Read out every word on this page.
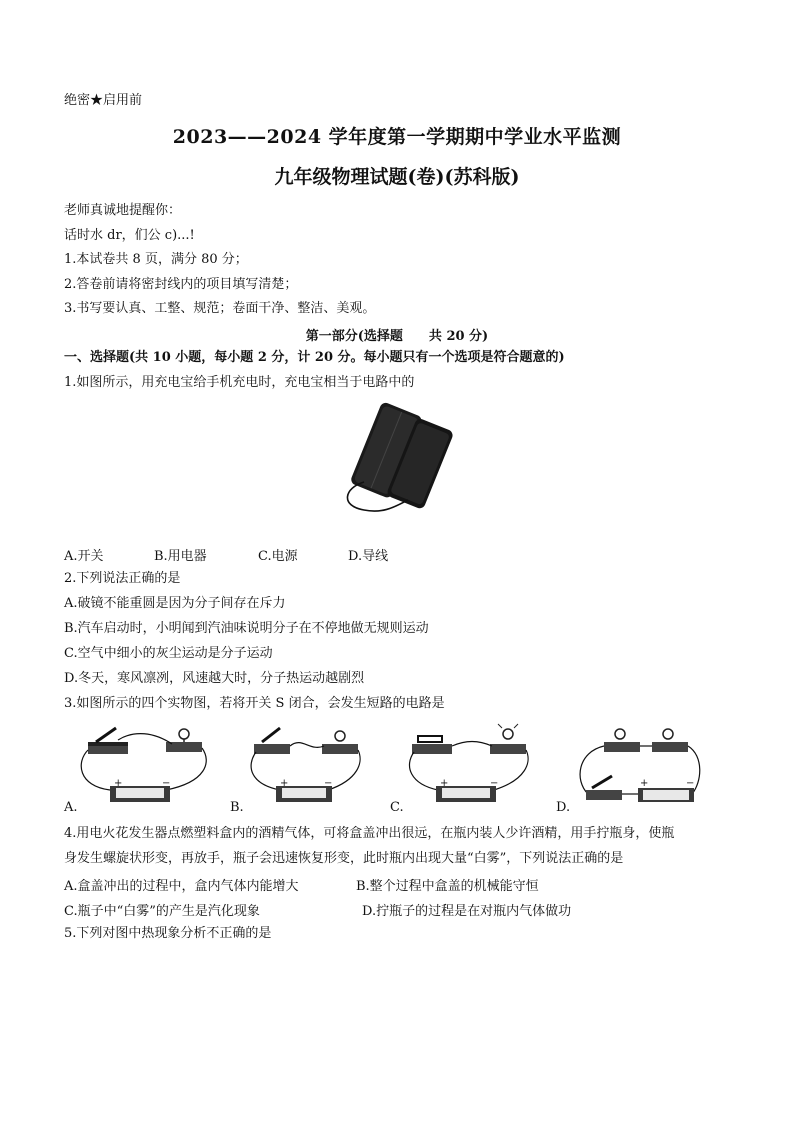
绝密★启用前
2023——2024 学年度第一学期期中学业水平监测
九年级物理试题(卷)(苏科版)
老师真诚地提醒你：
话时水 dr，们公 c)...!
1.本试卷共 8 页，满分 80 分；
2.答卷前请将密封线内的项目填写清楚；
3.书写要认真、工整、规范；卷面干净、整洁、美观。
第一部分(选择题　　共 20 分)
一、选择题(共 10 小题，每小题 2 分，计 20 分。每小题只有一个选项是符合题意的)
1.如图所示，用充电宝给手机充电时，充电宝相当于电路中的
A.开关	B.用电器	C.电源	D.导线
2.下列说法正确的是
A.破镜不能重圆是因为分子间存在斥力
B.汽车启动时，小明闻到汽油味说明分子在不停地做无规则运动
C.空气中细小的灰尘运动是分子运动
D.冬天，寒风凛冽，风速越大时，分子热运动越剧烈
3.如图所示的四个实物图，若将开关 S 闭合，会发生短路的电路是
+	−
A.
+	−
B.
+	−
C.
+	−
D.
4.用电火花发生器点燃塑料盒内的酒精气体，可将盒盖冲出很远，在瓶内装人少许酒精，用手拧瓶身，使瓶
身发生螺旋状形变，再放手，瓶子会迅速恢复形变，此时瓶内出现大量“白雾”，下列说法正确的是
A.盒盖冲出的过程中，盒内气体内能增大	B.整个过程中盒盖的机械能守恒
C.瓶子中“白雾”的产生是汽化现象	D.拧瓶子的过程是在对瓶内气体做功
5.下列对图中热现象分析不正确的是
